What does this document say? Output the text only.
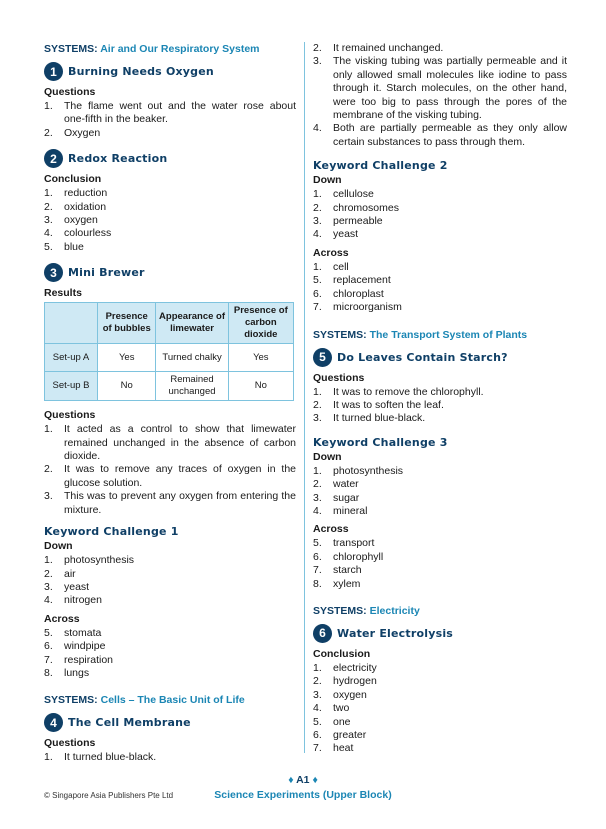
SYSTEMS: Air and Our Respiratory System
1	Burning Needs Oxygen
Questions
1.	The flame went out and the water rose about one-fifth in the beaker.
2.	Oxygen
2	Redox Reaction
Conclusion
1.	reduction
2.	oxidation
3.	oxygen
4.	colourless
5.	blue
3	Mini Brewer
Results
	Presence of bubbles	Appearance of limewater	Presence of carbon dioxide
Set-up A	Yes	Turned chalky	Yes
Set-up B	No	Remained unchanged	No
Questions
1.	It acted as a control to show that limewater remained unchanged in the absence of carbon dioxide.
2.	It was to remove any traces of oxygen in the glucose solution.
3.	This was to prevent any oxygen from entering the mixture.
Keyword Challenge 1
Down
1.	photosynthesis
2.	air
3.	yeast
4.	nitrogen
Across
5.	stomata
6.	windpipe
7.	respiration
8.	lungs
SYSTEMS: Cells – The Basic Unit of Life
4	The Cell Membrane
Questions
1.	It turned blue-black.
2.	It remained unchanged.
3.	The visking tubing was partially permeable and it only allowed small molecules like iodine to pass through it. Starch molecules, on the other hand, were too big to pass through the pores of the membrane of the visking tubing.
4.	Both are partially permeable as they only allow certain substances to pass through them.
Keyword Challenge 2
Down
1.	cellulose
2.	chromosomes
3.	permeable
4.	yeast
Across
1.	cell
5.	replacement
6.	chloroplast
7.	microorganism
SYSTEMS: The Transport System of Plants
5	Do Leaves Contain Starch?
Questions
1.	It was to remove the chlorophyll.
2.	It was to soften the leaf.
3.	It turned blue-black.
Keyword Challenge 3
Down
1.	photosynthesis
2.	water
3.	sugar
4.	mineral
Across
5.	transport
6.	chlorophyll
7.	starch
8.	xylem
SYSTEMS: Electricity
6	Water Electrolysis
Conclusion
1.	electricity
2.	hydrogen
3.	oxygen
4.	two
5.	one
6.	greater
7.	heat
♦ A1 ♦
Science Experiments (Upper Block)
© Singapore Asia Publishers Pte Ltd
